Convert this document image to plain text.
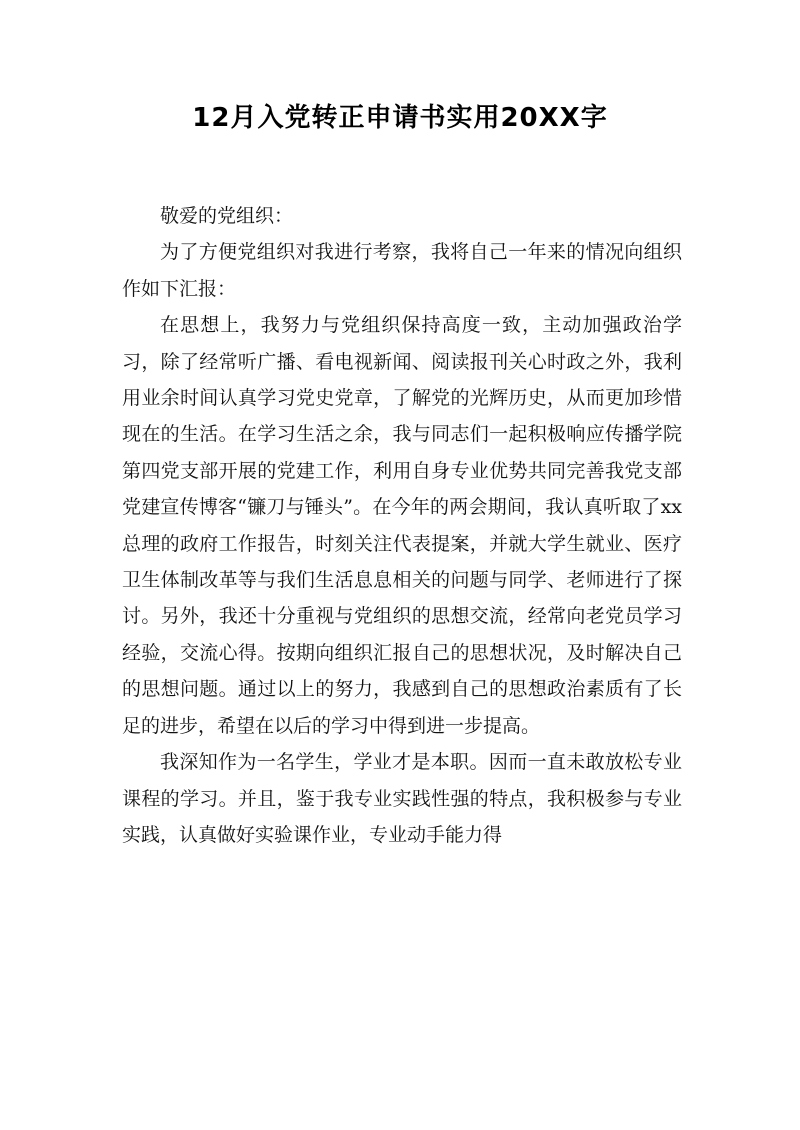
12月入党转正申请书实用20XX字

敬爱的党组织：

为了方便党组织对我进行考察，我将自己一年来的情况向组织作如下汇报：

在思想上，我努力与党组织保持高度一致，主动加强政治学习，除了经常听广播、看电视新闻、阅读报刊关心时政之外，我利用业余时间认真学习党史党章，了解党的光辉历史，从而更加珍惜现在的生活。在学习生活之余，我与同志们一起积极响应传播学院第四党支部开展的党建工作，利用自身专业优势共同完善我党支部党建宣传博客“镰刀与锤头”。在今年的两会期间，我认真听取了xx总理的政府工作报告，时刻关注代表提案，并就大学生就业、医疗卫生体制改革等与我们生活息息相关的问题与同学、老师进行了探讨。另外，我还十分重视与党组织的思想交流，经常向老党员学习经验，交流心得。按期向组织汇报自己的思想状况，及时解决自己的思想问题。通过以上的努力，我感到自己的思想政治素质有了长足的进步，希望在以后的学习中得到进一步提高。

我深知作为一名学生，学业才是本职。因而一直未敢放松专业课程的学习。并且，鉴于我专业实践性强的特点，我积极参与专业实践，认真做好实验课作业，专业动手能力得
